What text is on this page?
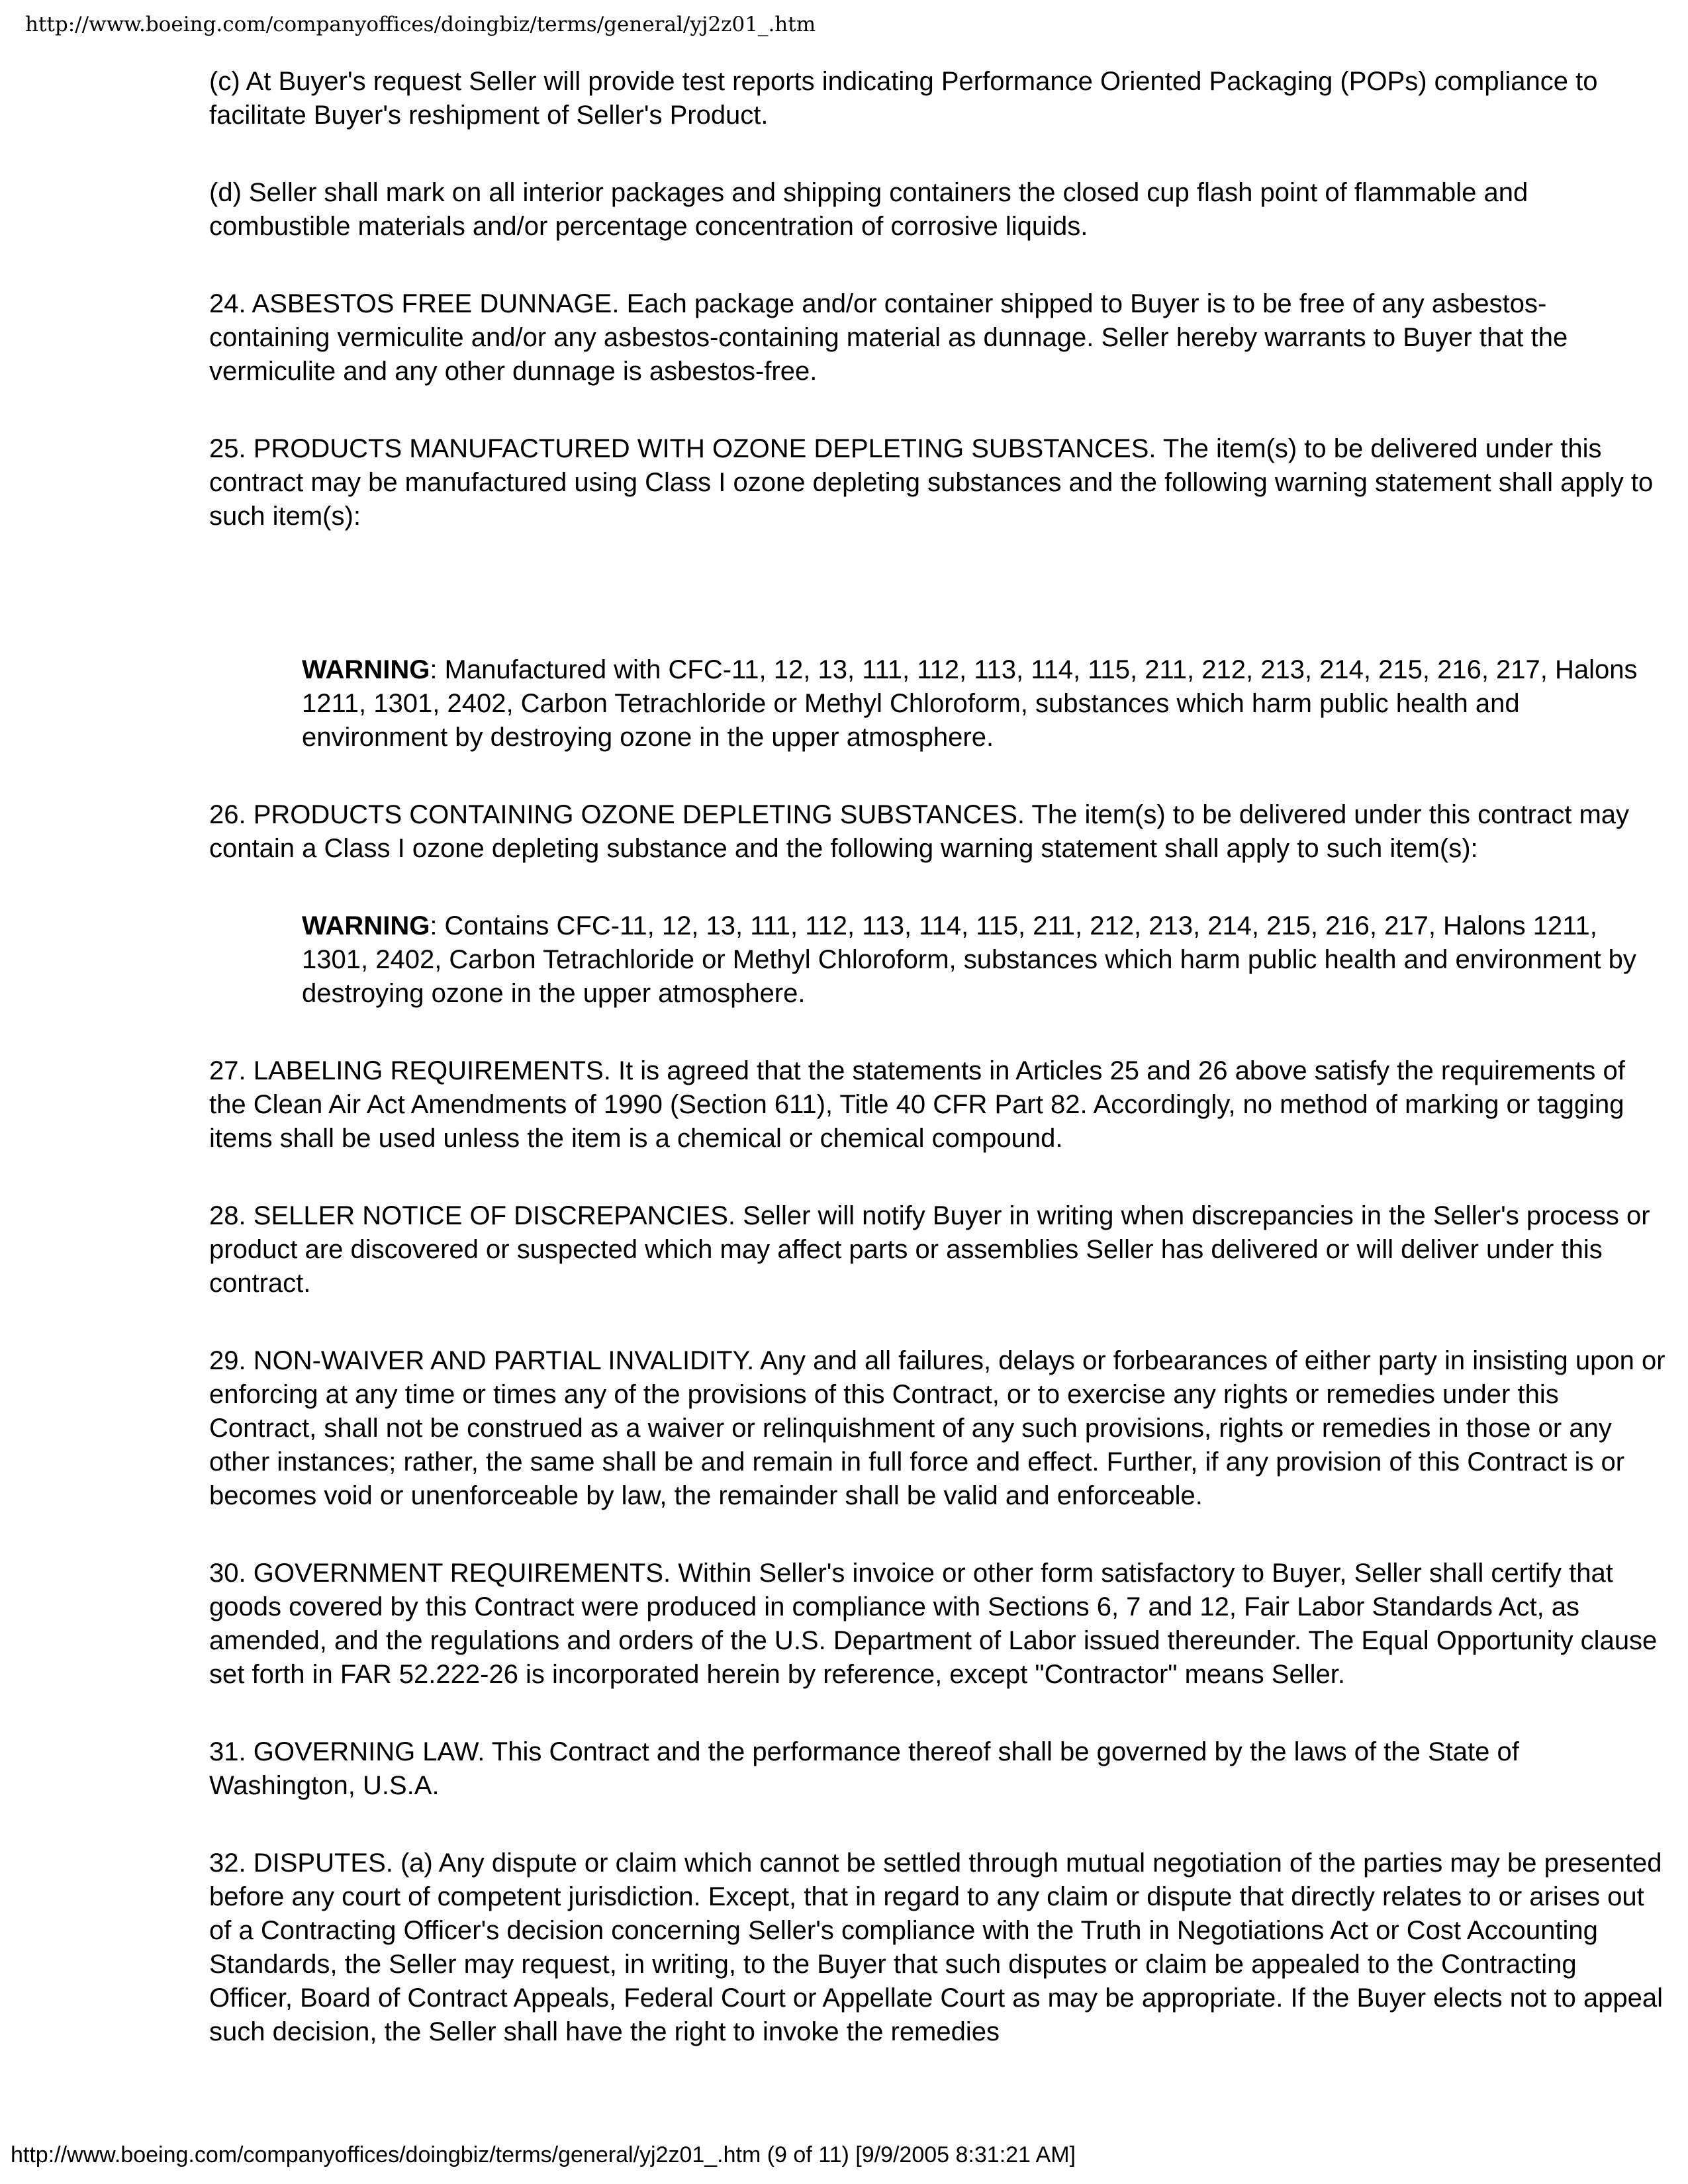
http://www.boeing.com/companyoffices/doingbiz/terms/general/yj2z01_.htm

(c) At Buyer's request Seller will provide test reports indicating Performance Oriented Packaging (POPs) compliance to facilitate Buyer's reshipment of Seller's Product.

(d) Seller shall mark on all interior packages and shipping containers the closed cup flash point of flammable and combustible materials and/or percentage concentration of corrosive liquids.

24. ASBESTOS FREE DUNNAGE. Each package and/or container shipped to Buyer is to be free of any asbestos-containing vermiculite and/or any asbestos-containing material as dunnage. Seller hereby warrants to Buyer that the vermiculite and any other dunnage is asbestos-free.

25. PRODUCTS MANUFACTURED WITH OZONE DEPLETING SUBSTANCES. The item(s) to be delivered under this contract may be manufactured using Class I ozone depleting substances and the following warning statement shall apply to such item(s):

WARNING: Manufactured with CFC-11, 12, 13, 111, 112, 113, 114, 115, 211, 212, 213, 214, 215, 216, 217, Halons 1211, 1301, 2402, Carbon Tetrachloride or Methyl Chloroform, substances which harm public health and environment by destroying ozone in the upper atmosphere.

26. PRODUCTS CONTAINING OZONE DEPLETING SUBSTANCES. The item(s) to be delivered under this contract may contain a Class I ozone depleting substance and the following warning statement shall apply to such item(s):

WARNING: Contains CFC-11, 12, 13, 111, 112, 113, 114, 115, 211, 212, 213, 214, 215, 216, 217, Halons 1211, 1301, 2402, Carbon Tetrachloride or Methyl Chloroform, substances which harm public health and environment by destroying ozone in the upper atmosphere.

27. LABELING REQUIREMENTS. It is agreed that the statements in Articles 25 and 26 above satisfy the requirements of the Clean Air Act Amendments of 1990 (Section 611), Title 40 CFR Part 82. Accordingly, no method of marking or tagging items shall be used unless the item is a chemical or chemical compound.

28. SELLER NOTICE OF DISCREPANCIES. Seller will notify Buyer in writing when discrepancies in the Seller's process or product are discovered or suspected which may affect parts or assemblies Seller has delivered or will deliver under this contract.

29. NON-WAIVER AND PARTIAL INVALIDITY. Any and all failures, delays or forbearances of either party in insisting upon or enforcing at any time or times any of the provisions of this Contract, or to exercise any rights or remedies under this Contract, shall not be construed as a waiver or relinquishment of any such provisions, rights or remedies in those or any other instances; rather, the same shall be and remain in full force and effect. Further, if any provision of this Contract is or becomes void or unenforceable by law, the remainder shall be valid and enforceable.

30. GOVERNMENT REQUIREMENTS. Within Seller's invoice or other form satisfactory to Buyer, Seller shall certify that goods covered by this Contract were produced in compliance with Sections 6, 7 and 12, Fair Labor Standards Act, as amended, and the regulations and orders of the U.S. Department of Labor issued thereunder. The Equal Opportunity clause set forth in FAR 52.222-26 is incorporated herein by reference, except "Contractor" means Seller.

31. GOVERNING LAW. This Contract and the performance thereof shall be governed by the laws of the State of Washington, U.S.A.

32. DISPUTES. (a) Any dispute or claim which cannot be settled through mutual negotiation of the parties may be presented before any court of competent jurisdiction. Except, that in regard to any claim or dispute that directly relates to or arises out of a Contracting Officer's decision concerning Seller's compliance with the Truth in Negotiations Act or Cost Accounting Standards, the Seller may request, in writing, to the Buyer that such disputes or claim be appealed to the Contracting Officer, Board of Contract Appeals, Federal Court or Appellate Court as may be appropriate. If the Buyer elects not to appeal such decision, the Seller shall have the right to invoke the remedies

http://www.boeing.com/companyoffices/doingbiz/terms/general/yj2z01_.htm (9 of 11) [9/9/2005 8:31:21 AM]
